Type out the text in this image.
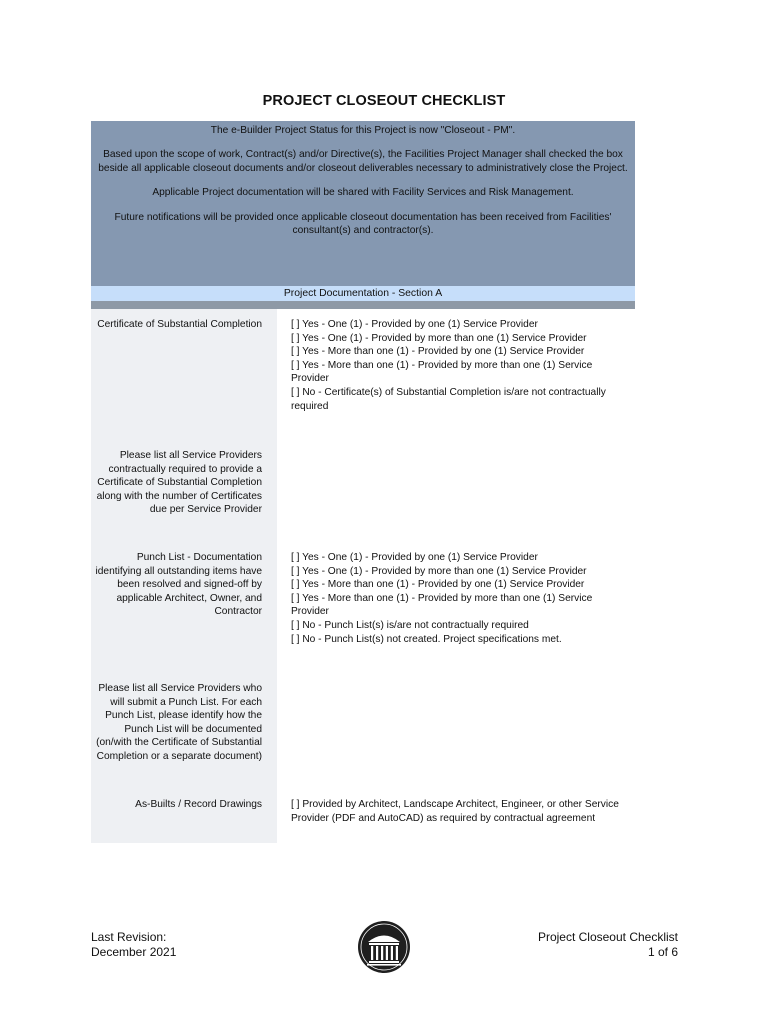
PROJECT CLOSEOUT CHECKLIST

The e-Builder Project Status for this Project is now "Closeout - PM".

Based upon the scope of work, Contract(s) and/or Directive(s), the Facilities Project Manager shall checked the box beside all applicable closeout documents and/or closeout deliverables necessary to administratively close the Project.

Applicable Project documentation will be shared with Facility Services and Risk Management.

Future notifications will be provided once applicable closeout documentation has been received from Facilities' consultant(s) and contractor(s).

Project Documentation - Section A
Certificate of Substantial Completion	[ ] Yes - One (1) - Provided by one (1) Service Provider
[ ] Yes - One (1) - Provided by more than one (1) Service Provider
[ ] Yes - More than one (1) - Provided by one (1) Service Provider
[ ] Yes - More than one (1) - Provided by more than one (1) Service Provider
[ ] No - Certificate(s) of Substantial Completion is/are not contractually required
Please list all Service Providers contractually required to provide a Certificate of Substantial Completion along with the number of Certificates due per Service Provider
Punch List - Documentation identifying all outstanding items have been resolved and signed-off by applicable Architect, Owner, and Contractor
[ ] Yes - One (1) - Provided by one (1) Service Provider
[ ] Yes - One (1) - Provided by more than one (1) Service Provider
[ ] Yes - More than one (1) - Provided by one (1) Service Provider
[ ] Yes - More than one (1) - Provided by more than one (1) Service Provider
[ ] No - Punch List(s) is/are not contractually required
[ ] No - Punch List(s) not created. Project specifications met.
Please list all Service Providers who will submit a Punch List. For each Punch List, please identify how the Punch List will be documented (on/with the Certificate of Substantial Completion or a separate document)
As-Builts / Record Drawings	[ ] Provided by Architect, Landscape Architect, Engineer, or other Service Provider (PDF and AutoCAD) as required by contractual agreement
Last Revision:
December 2021
Project Closeout Checklist
1 of 6
